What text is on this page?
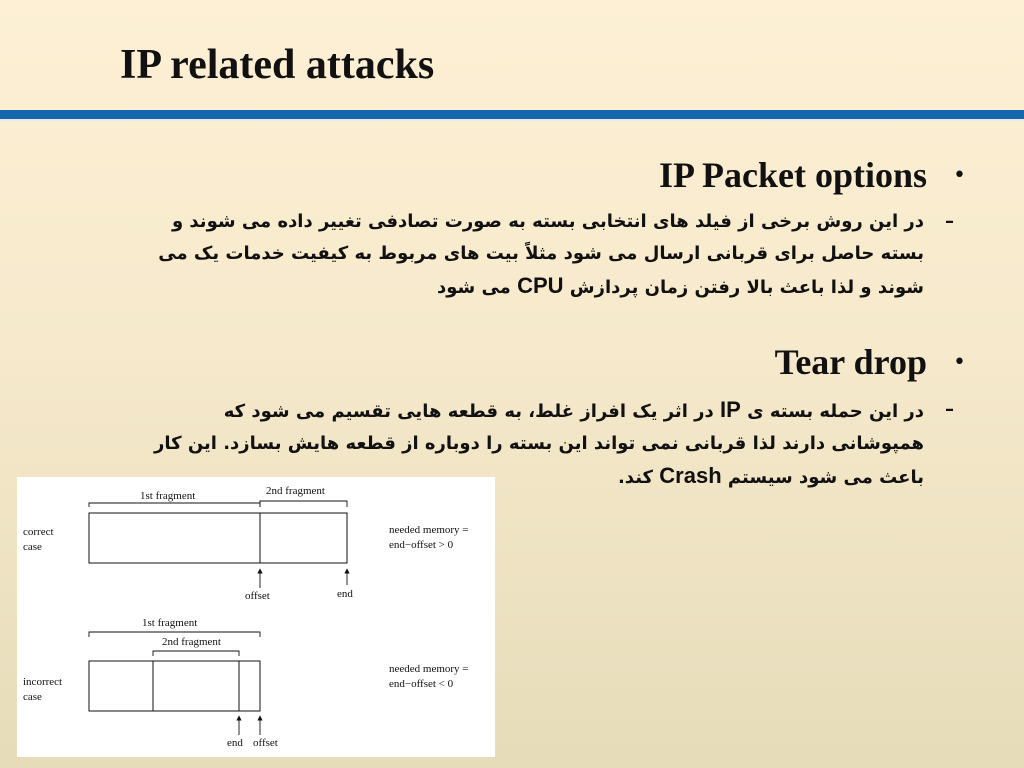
IP related attacks
IP Packet options •
–
در این روش برخی از فیلد های انتخابی بسته به صورت تصادفی تغییر داده می شوند و
بسته حاصل برای قربانی ارسال می شود مثلاً بیت های مربوط به کیفیت خدمات یک می
شوند و لذا باعث بالا رفتن زمان پردازش CPU می شود
Tear drop •
–
در این حمله بسته ی IP در اثر یک افراز غلط، به قطعه هایی تقسیم می شود که
همپوشانی دارند لذا قربانی نمی تواند این بسته را دوباره از قطعه هایش بسازد. این کار
باعث می شود سیستم Crash کند.
correct
case
1st fragment	2nd fragment
offset	end
needed memory =
end−offset > 0
incorrect
case
1st fragment
2nd fragment
end offset
needed memory =
end−offset < 0
